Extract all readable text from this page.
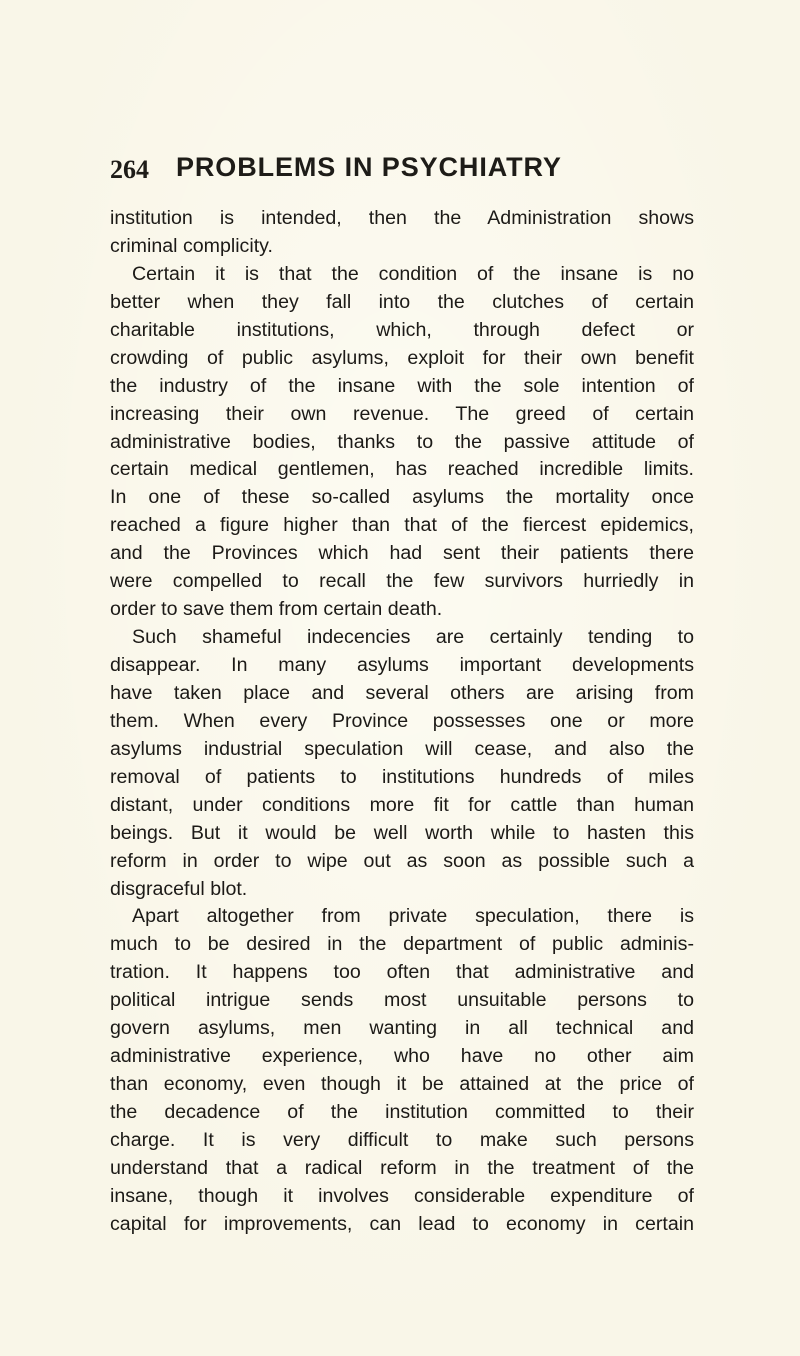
264 PROBLEMS IN PSYCHIATRY
institution is intended, then the Administration shows
criminal complicity.
Certain it is that the condition of the insane is no
better when they fall into the clutches of certain
charitable institutions, which, through defect or
crowding of public asylums, exploit for their own benefit
the industry of the insane with the sole intention of
increasing their own revenue. The greed of certain
administrative bodies, thanks to the passive attitude of
certain medical gentlemen, has reached incredible limits.
In one of these so-called asylums the mortality once
reached a figure higher than that of the fiercest epidemics,
and the Provinces which had sent their patients there
were compelled to recall the few survivors hurriedly in
order to save them from certain death.
Such shameful indecencies are certainly tending to
disappear. In many asylums important developments
have taken place and several others are arising from
them. When every Province possesses one or more
asylums industrial speculation will cease, and also the
removal of patients to institutions hundreds of miles
distant, under conditions more fit for cattle than human
beings. But it would be well worth while to hasten this
reform in order to wipe out as soon as possible such a
disgraceful blot.
Apart altogether from private speculation, there is
much to be desired in the department of public adminis-
tration. It happens too often that administrative and
political intrigue sends most unsuitable persons to
govern asylums, men wanting in all technical and
administrative experience, who have no other aim
than economy, even though it be attained at the price of
the decadence of the institution committed to their
charge. It is very difficult to make such persons
understand that a radical reform in the treatment of the
insane, though it involves considerable expenditure of
capital for improvements, can lead to economy in certain
